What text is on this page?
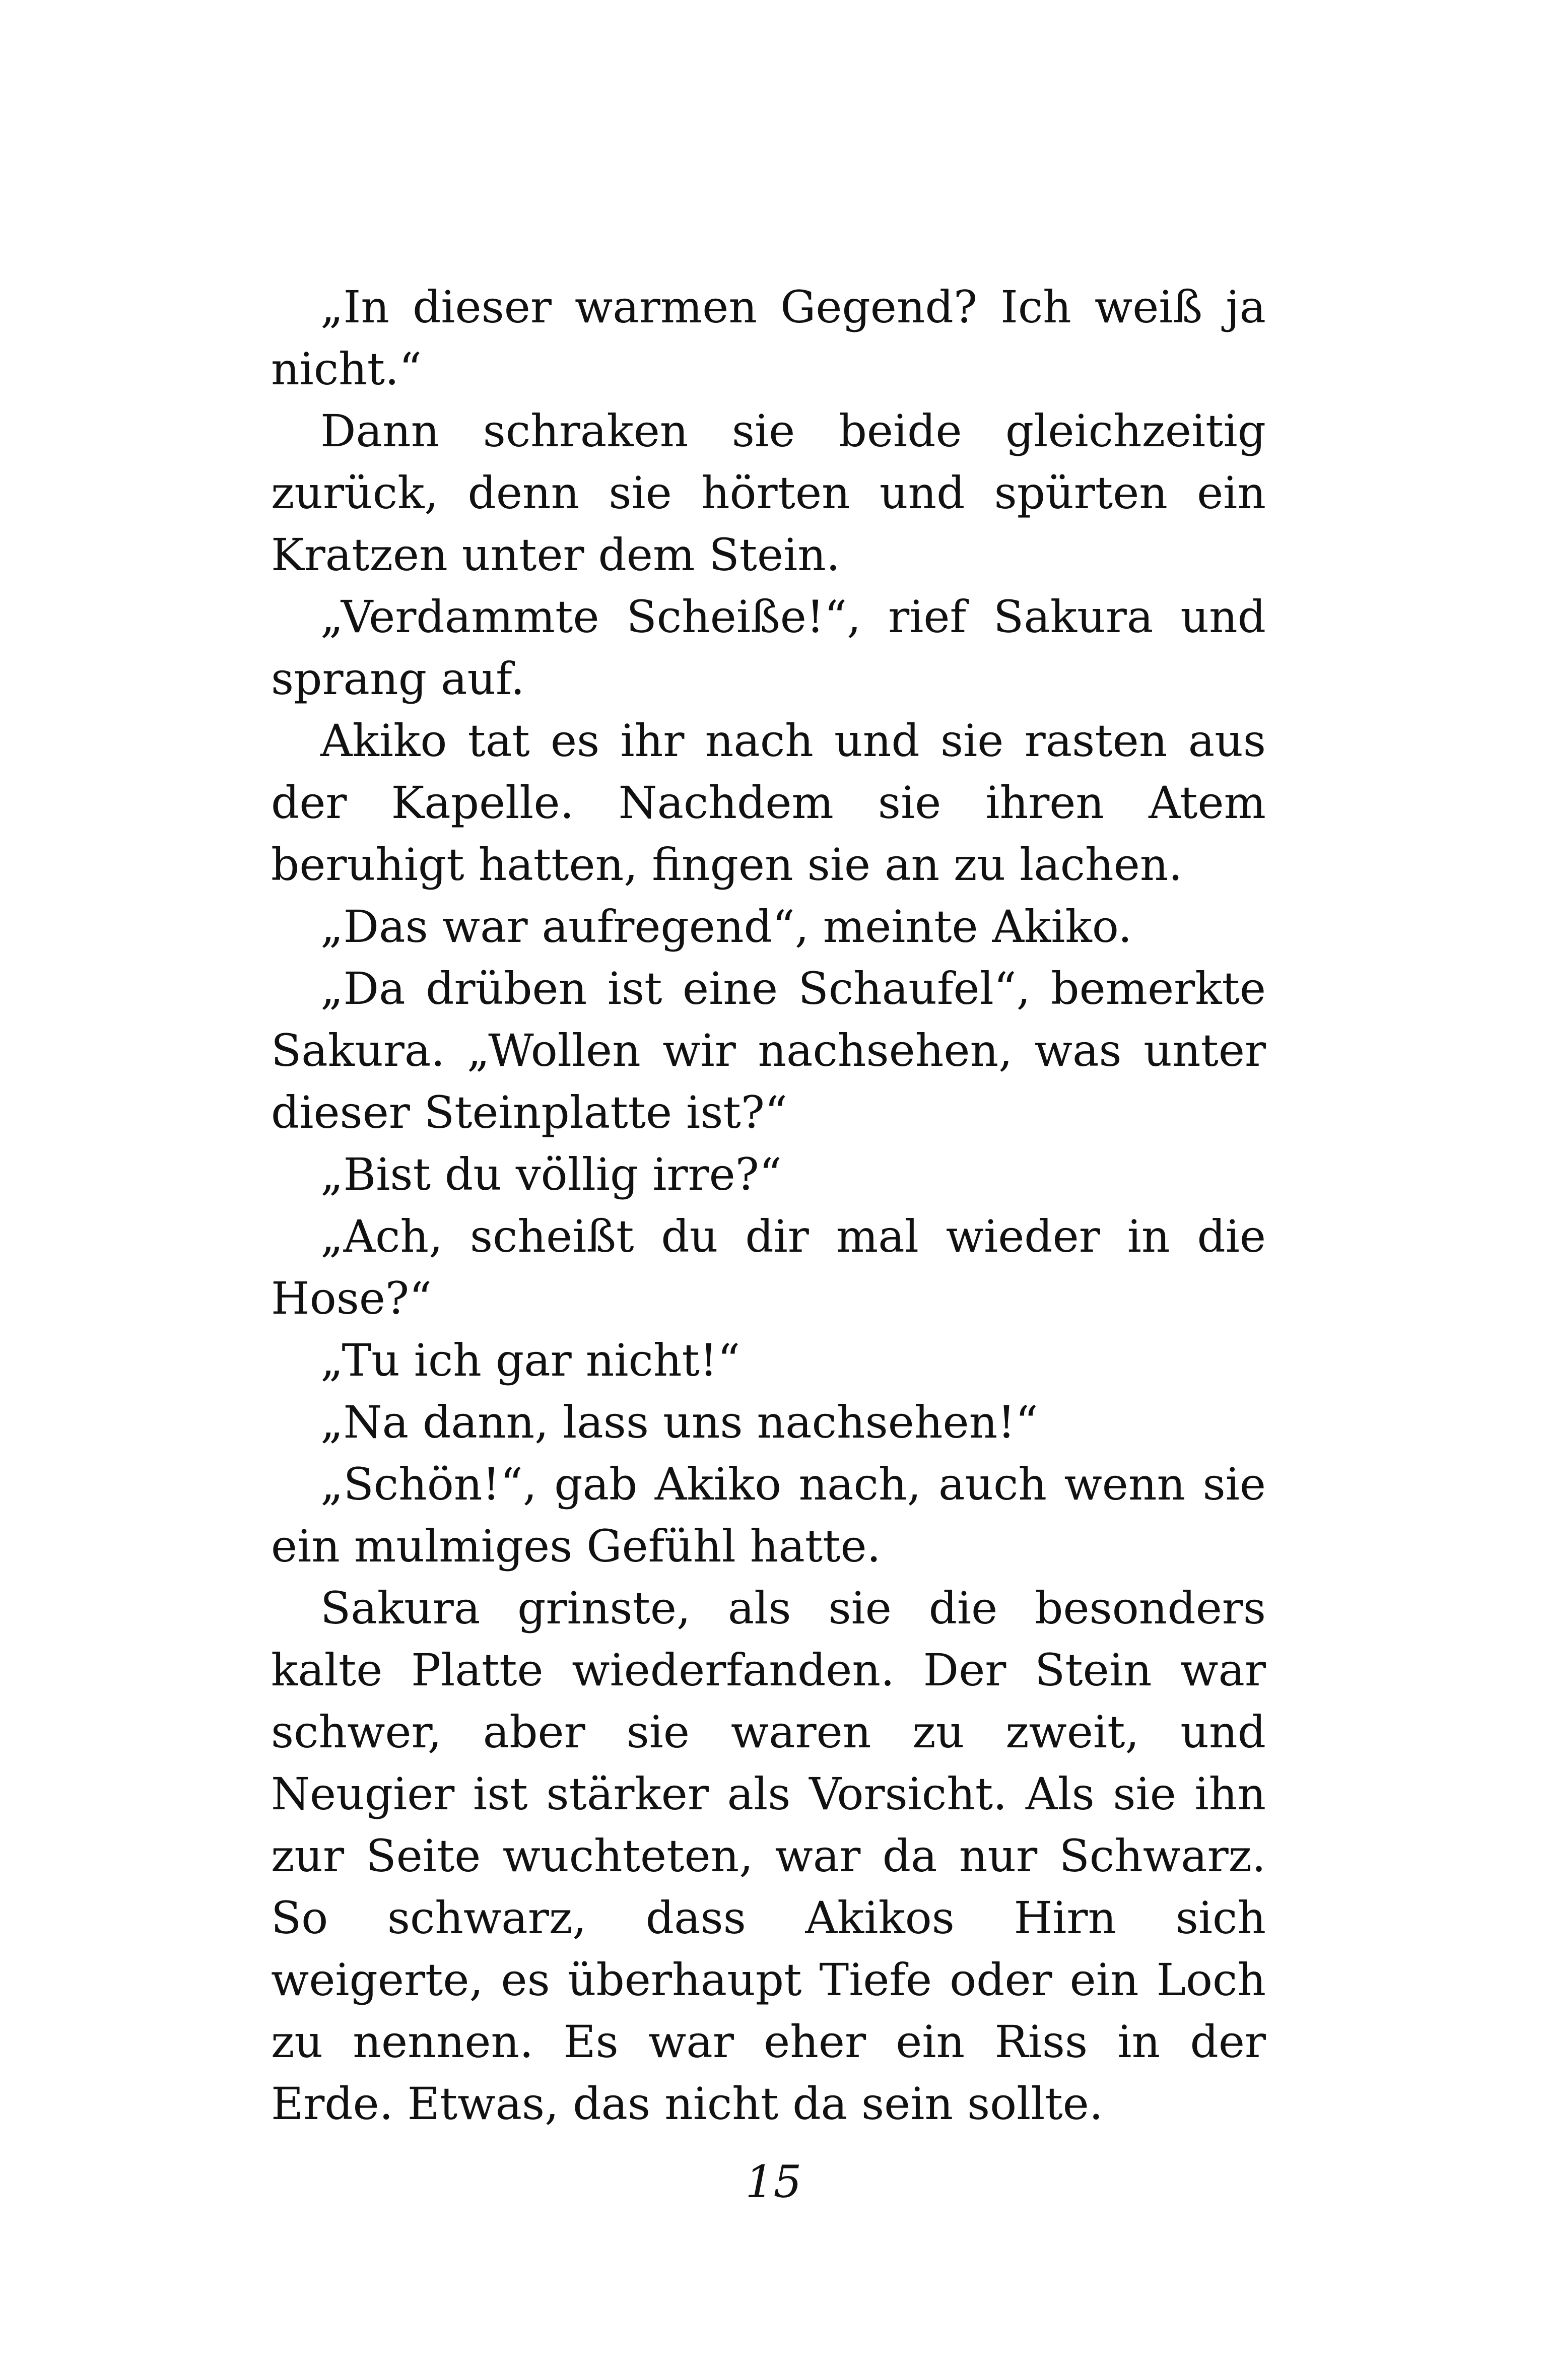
„In dieser warmen Gegend? Ich weiß ja nicht.“

Dann schraken sie beide gleichzeitig zurück, denn sie hörten und spürten ein Kratzen unter dem Stein.

„Verdammte Scheiße!“, rief Sakura und sprang auf.

Akiko tat es ihr nach und sie rasten aus der Kapelle. Nachdem sie ihren Atem beruhigt hatten, fingen sie an zu lachen.

„Das war aufregend“, meinte Akiko.

„Da drüben ist eine Schaufel“, bemerkte Sakura. „Wollen wir nachsehen, was unter dieser Steinplatte ist?“

„Bist du völlig irre?“

„Ach, scheißt du dir mal wieder in die Hose?“

„Tu ich gar nicht!“

„Na dann, lass uns nachsehen!“

„Schön!“, gab Akiko nach, auch wenn sie ein mulmiges Gefühl hatte.

Sakura grinste, als sie die besonders kalte Platte wiederfanden. Der Stein war schwer, aber sie waren zu zweit, und Neugier ist stärker als Vorsicht. Als sie ihn zur Seite wuchteten, war da nur Schwarz. So schwarz, dass Akikos Hirn sich weigerte, es überhaupt Tiefe oder ein Loch zu nennen. Es war eher ein Riss in der Erde. Etwas, das nicht da sein sollte.

15
